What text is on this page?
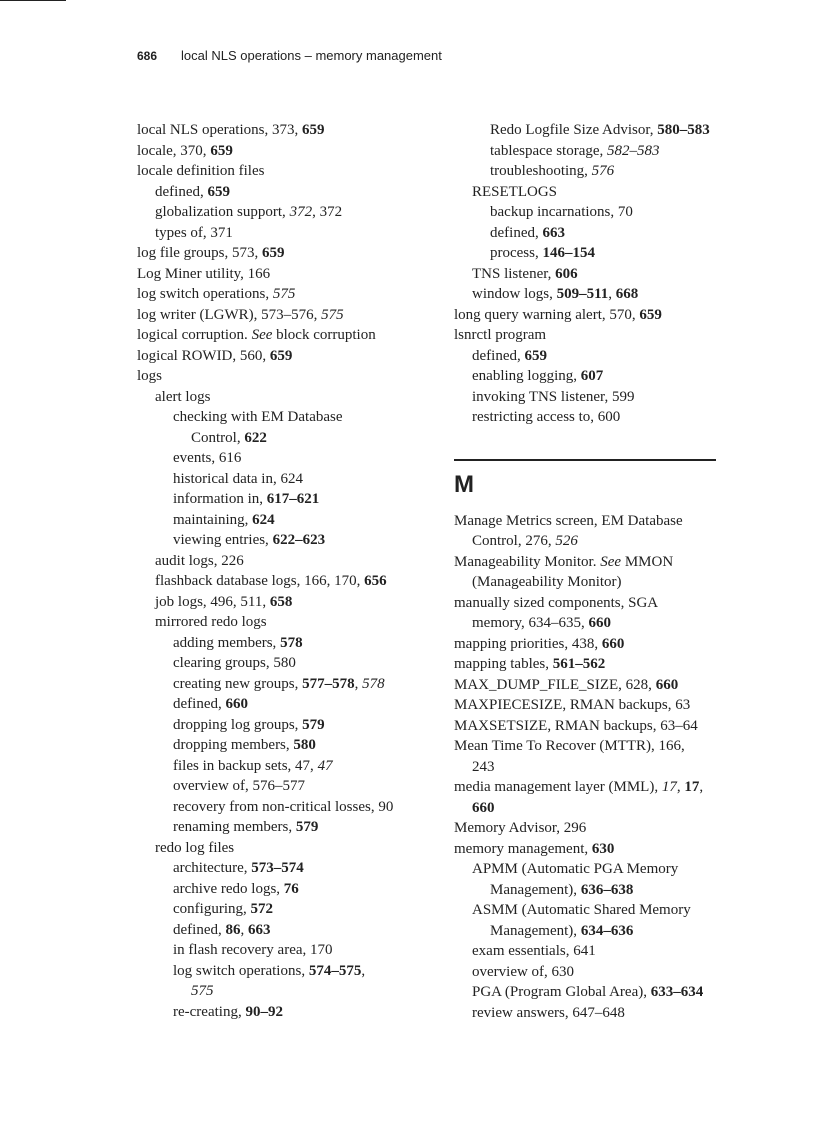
686 local NLS operations – memory management
local NLS operations, 373, 659
locale, 370, 659
locale definition files
defined, 659
globalization support, 372, 372
types of, 371
log file groups, 573, 659
Log Miner utility, 166
log switch operations, 575
log writer (LGWR), 573–576, 575
logical corruption. See block corruption
logical ROWID, 560, 659
logs
alert logs
checking with EM Database
Control, 622
events, 616
historical data in, 624
information in, 617–621
maintaining, 624
viewing entries, 622–623
audit logs, 226
flashback database logs, 166, 170, 656
job logs, 496, 511, 658
mirrored redo logs
adding members, 578
clearing groups, 580
creating new groups, 577–578, 578
defined, 660
dropping log groups, 579
dropping members, 580
files in backup sets, 47, 47
overview of, 576–577
recovery from non-critical losses, 90
renaming members, 579
redo log files
architecture, 573–574
archive redo logs, 76
configuring, 572
defined, 86, 663
in flash recovery area, 170
log switch operations, 574–575,
575
re-creating, 90–92
Redo Logfile Size Advisor, 580–583
tablespace storage, 582–583
troubleshooting, 576
RESETLOGS
backup incarnations, 70
defined, 663
process, 146–154
TNS listener, 606
window logs, 509–511, 668
long query warning alert, 570, 659
lsnrctl program
defined, 659
enabling logging, 607
invoking TNS listener, 599
restricting access to, 600
M
Manage Metrics screen, EM Database
Control, 276, 526
Manageability Monitor. See MMON
(Manageability Monitor)
manually sized components, SGA
memory, 634–635, 660
mapping priorities, 438, 660
mapping tables, 561–562
MAX_DUMP_FILE_SIZE, 628, 660
MAXPIECESIZE, RMAN backups, 63
MAXSETSIZE, RMAN backups, 63–64
Mean Time To Recover (MTTR), 166,
243
media management layer (MML), 17, 17,
660
Memory Advisor, 296
memory management, 630
APMM (Automatic PGA Memory
Management), 636–638
ASMM (Automatic Shared Memory
Management), 634–636
exam essentials, 641
overview of, 630
PGA (Program Global Area), 633–634
review answers, 647–648
